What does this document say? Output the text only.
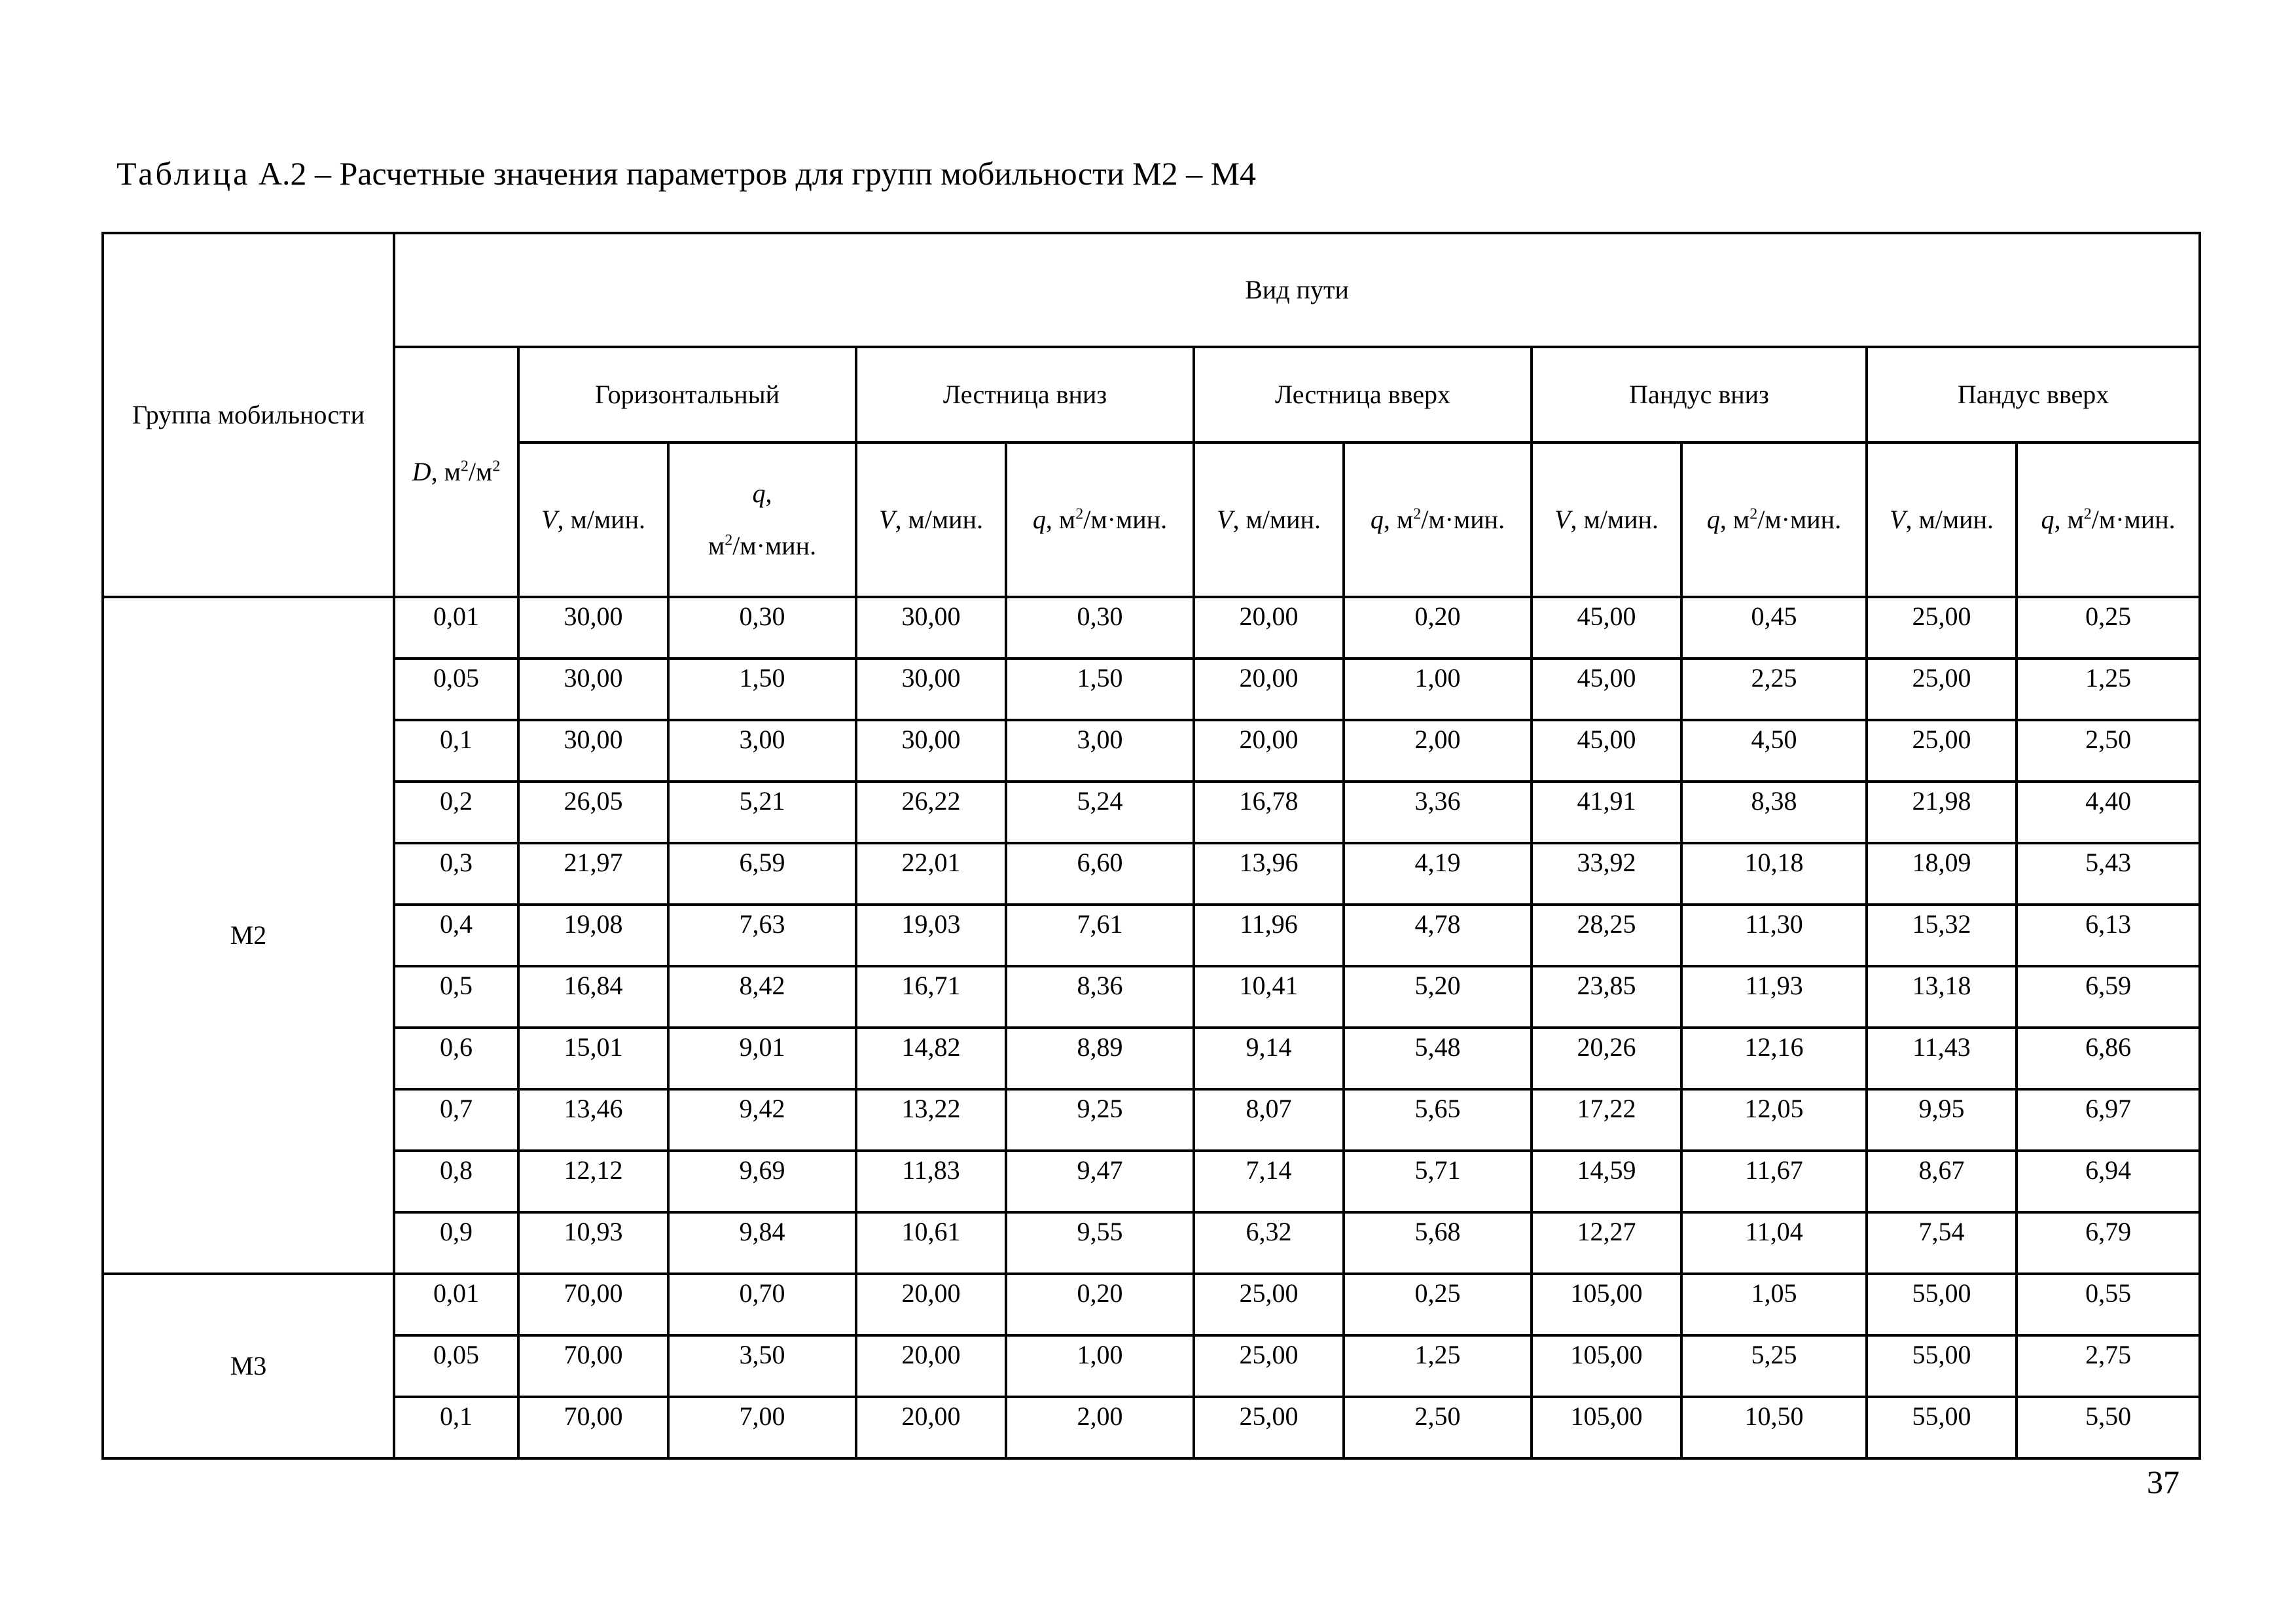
Таблица А.2 – Расчетные значения параметров для групп мобильности М2 – М4
Группа мобильности	Вид пути										
	D, $м^2/м^2$	Горизонтальный		Лестница вниз		Лестница вверх		Пандус вниз		Пандус вверх	
		V, м/мин.	q,
$м^2/м\cdot мин$.	V, м/мин.	q, $м^2/м\cdot мин$.	V, м/мин.	q, $м^2/м\cdot мин$.	V, м/мин.	q, $м^2/м\cdot мин$.	V, м/мин.	q, $м^2/м\cdot мин$.
М2	0,01	30,00	0,30	30,00	0,30	20,00	0,20	45,00	0,45	25,00	0,25
	0,05	30,00	1,50	30,00	1,50	20,00	1,00	45,00	2,25	25,00	1,25
	0,1	30,00	3,00	30,00	3,00	20,00	2,00	45,00	4,50	25,00	2,50
	0,2	26,05	5,21	26,22	5,24	16,78	3,36	41,91	8,38	21,98	4,40
	0,3	21,97	6,59	22,01	6,60	13,96	4,19	33,92	10,18	18,09	5,43
	0,4	19,08	7,63	19,03	7,61	11,96	4,78	28,25	11,30	15,32	6,13
	0,5	16,84	8,42	16,71	8,36	10,41	5,20	23,85	11,93	13,18	6,59
	0,6	15,01	9,01	14,82	8,89	9,14	5,48	20,26	12,16	11,43	6,86
	0,7	13,46	9,42	13,22	9,25	8,07	5,65	17,22	12,05	9,95	6,97
	0,8	12,12	9,69	11,83	9,47	7,14	5,71	14,59	11,67	8,67	6,94
	0,9	10,93	9,84	10,61	9,55	6,32	5,68	12,27	11,04	7,54	6,79
М3	0,01	70,00	0,70	20,00	0,20	25,00	0,25	105,00	1,05	55,00	0,55
	0,05	70,00	3,50	20,00	1,00	25,00	1,25	105,00	5,25	55,00	2,75
	0,1	70,00	7,00	20,00	2,00	25,00	2,50	105,00	10,50	55,00	5,50
37
